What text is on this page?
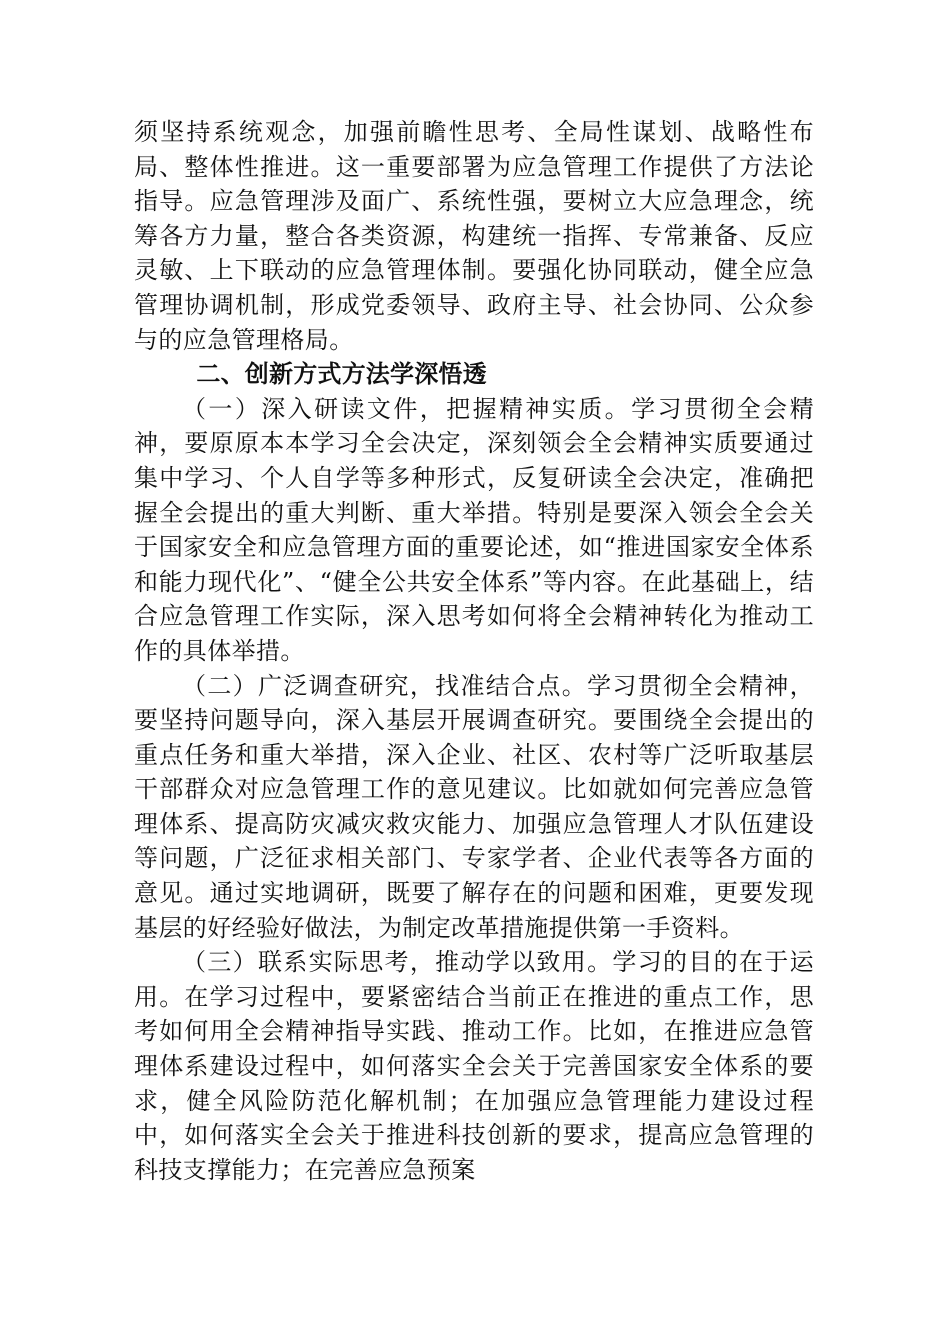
须坚持系统观念，加强前瞻性思考、全局性谋划、战略性布局、整体性推进。这一重要部署为应急管理工作提供了方法论指导。应急管理涉及面广、系统性强，要树立大应急理念，统筹各方力量，整合各类资源，构建统一指挥、专常兼备、反应灵敏、上下联动的应急管理体制。要强化协同联动，健全应急管理协调机制，形成党委领导、政府主导、社会协同、公众参与的应急管理格局。

二、创新方式方法学深悟透

（一）深入研读文件，把握精神实质。学习贯彻全会精神，要原原本本学习全会决定，深刻领会全会精神实质要通过集中学习、个人自学等多种形式，反复研读全会决定，准确把握全会提出的重大判断、重大举措。特别是要深入领会全会关于国家安全和应急管理方面的重要论述，如“推进国家安全体系和能力现代化”、“健全公共安全体系”等内容。在此基础上，结合应急管理工作实际，深入思考如何将全会精神转化为推动工作的具体举措。

（二）广泛调查研究，找准结合点。学习贯彻全会精神，要坚持问题导向，深入基层开展调查研究。要围绕全会提出的重点任务和重大举措，深入企业、社区、农村等广泛听取基层干部群众对应急管理工作的意见建议。比如就如何完善应急管理体系、提高防灾减灾救灾能力、加强应急管理人才队伍建设等问题，广泛征求相关部门、专家学者、企业代表等各方面的意见。通过实地调研，既要了解存在的问题和困难，更要发现基层的好经验好做法，为制定改革措施提供第一手资料。

（三）联系实际思考，推动学以致用。学习的目的在于运用。在学习过程中，要紧密结合当前正在推进的重点工作，思考如何用全会精神指导实践、推动工作。比如，在推进应急管理体系建设过程中，如何落实全会关于完善国家安全体系的要求，健全风险防范化解机制；在加强应急管理能力建设过程中，如何落实全会关于推进科技创新的要求，提高应急管理的科技支撑能力；在完善应急预案
